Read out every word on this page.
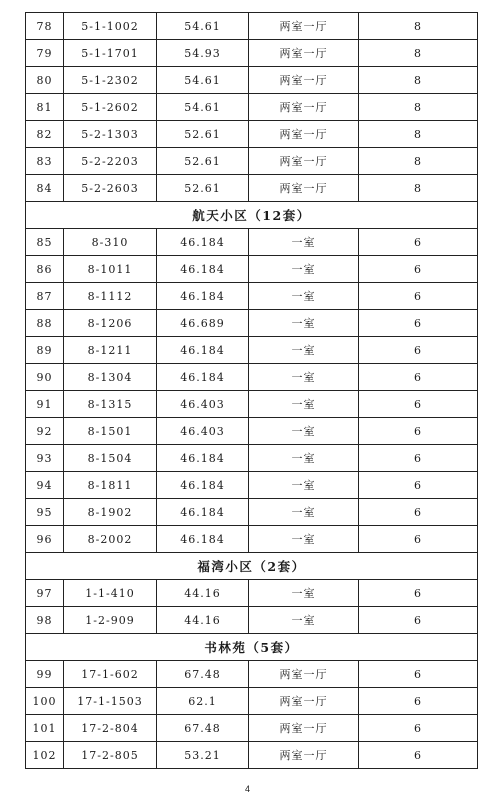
78	5-1-1002	54.61	两室一厅	8
79	5-1-1701	54.93	两室一厅	8
80	5-1-2302	54.61	两室一厅	8
81	5-1-2602	54.61	两室一厅	8
82	5-2-1303	52.61	两室一厅	8
83	5-2-2203	52.61	两室一厅	8
84	5-2-2603	52.61	两室一厅	8
航天小区（12套）				
85	8-310	46.184	一室	6
86	8-1011	46.184	一室	6
87	8-1112	46.184	一室	6
88	8-1206	46.689	一室	6
89	8-1211	46.184	一室	6
90	8-1304	46.184	一室	6
91	8-1315	46.403	一室	6
92	8-1501	46.403	一室	6
93	8-1504	46.184	一室	6
94	8-1811	46.184	一室	6
95	8-1902	46.184	一室	6
96	8-2002	46.184	一室	6
福湾小区（2套）				
97	1-1-410	44.16	一室	6
98	1-2-909	44.16	一室	6
书林苑（5套）				
99	17-1-602	67.48	两室一厅	6
100	17-1-1503	62.1	两室一厅	6
101	17-2-804	67.48	两室一厅	6
102	17-2-805	53.21	两室一厅	6
4
